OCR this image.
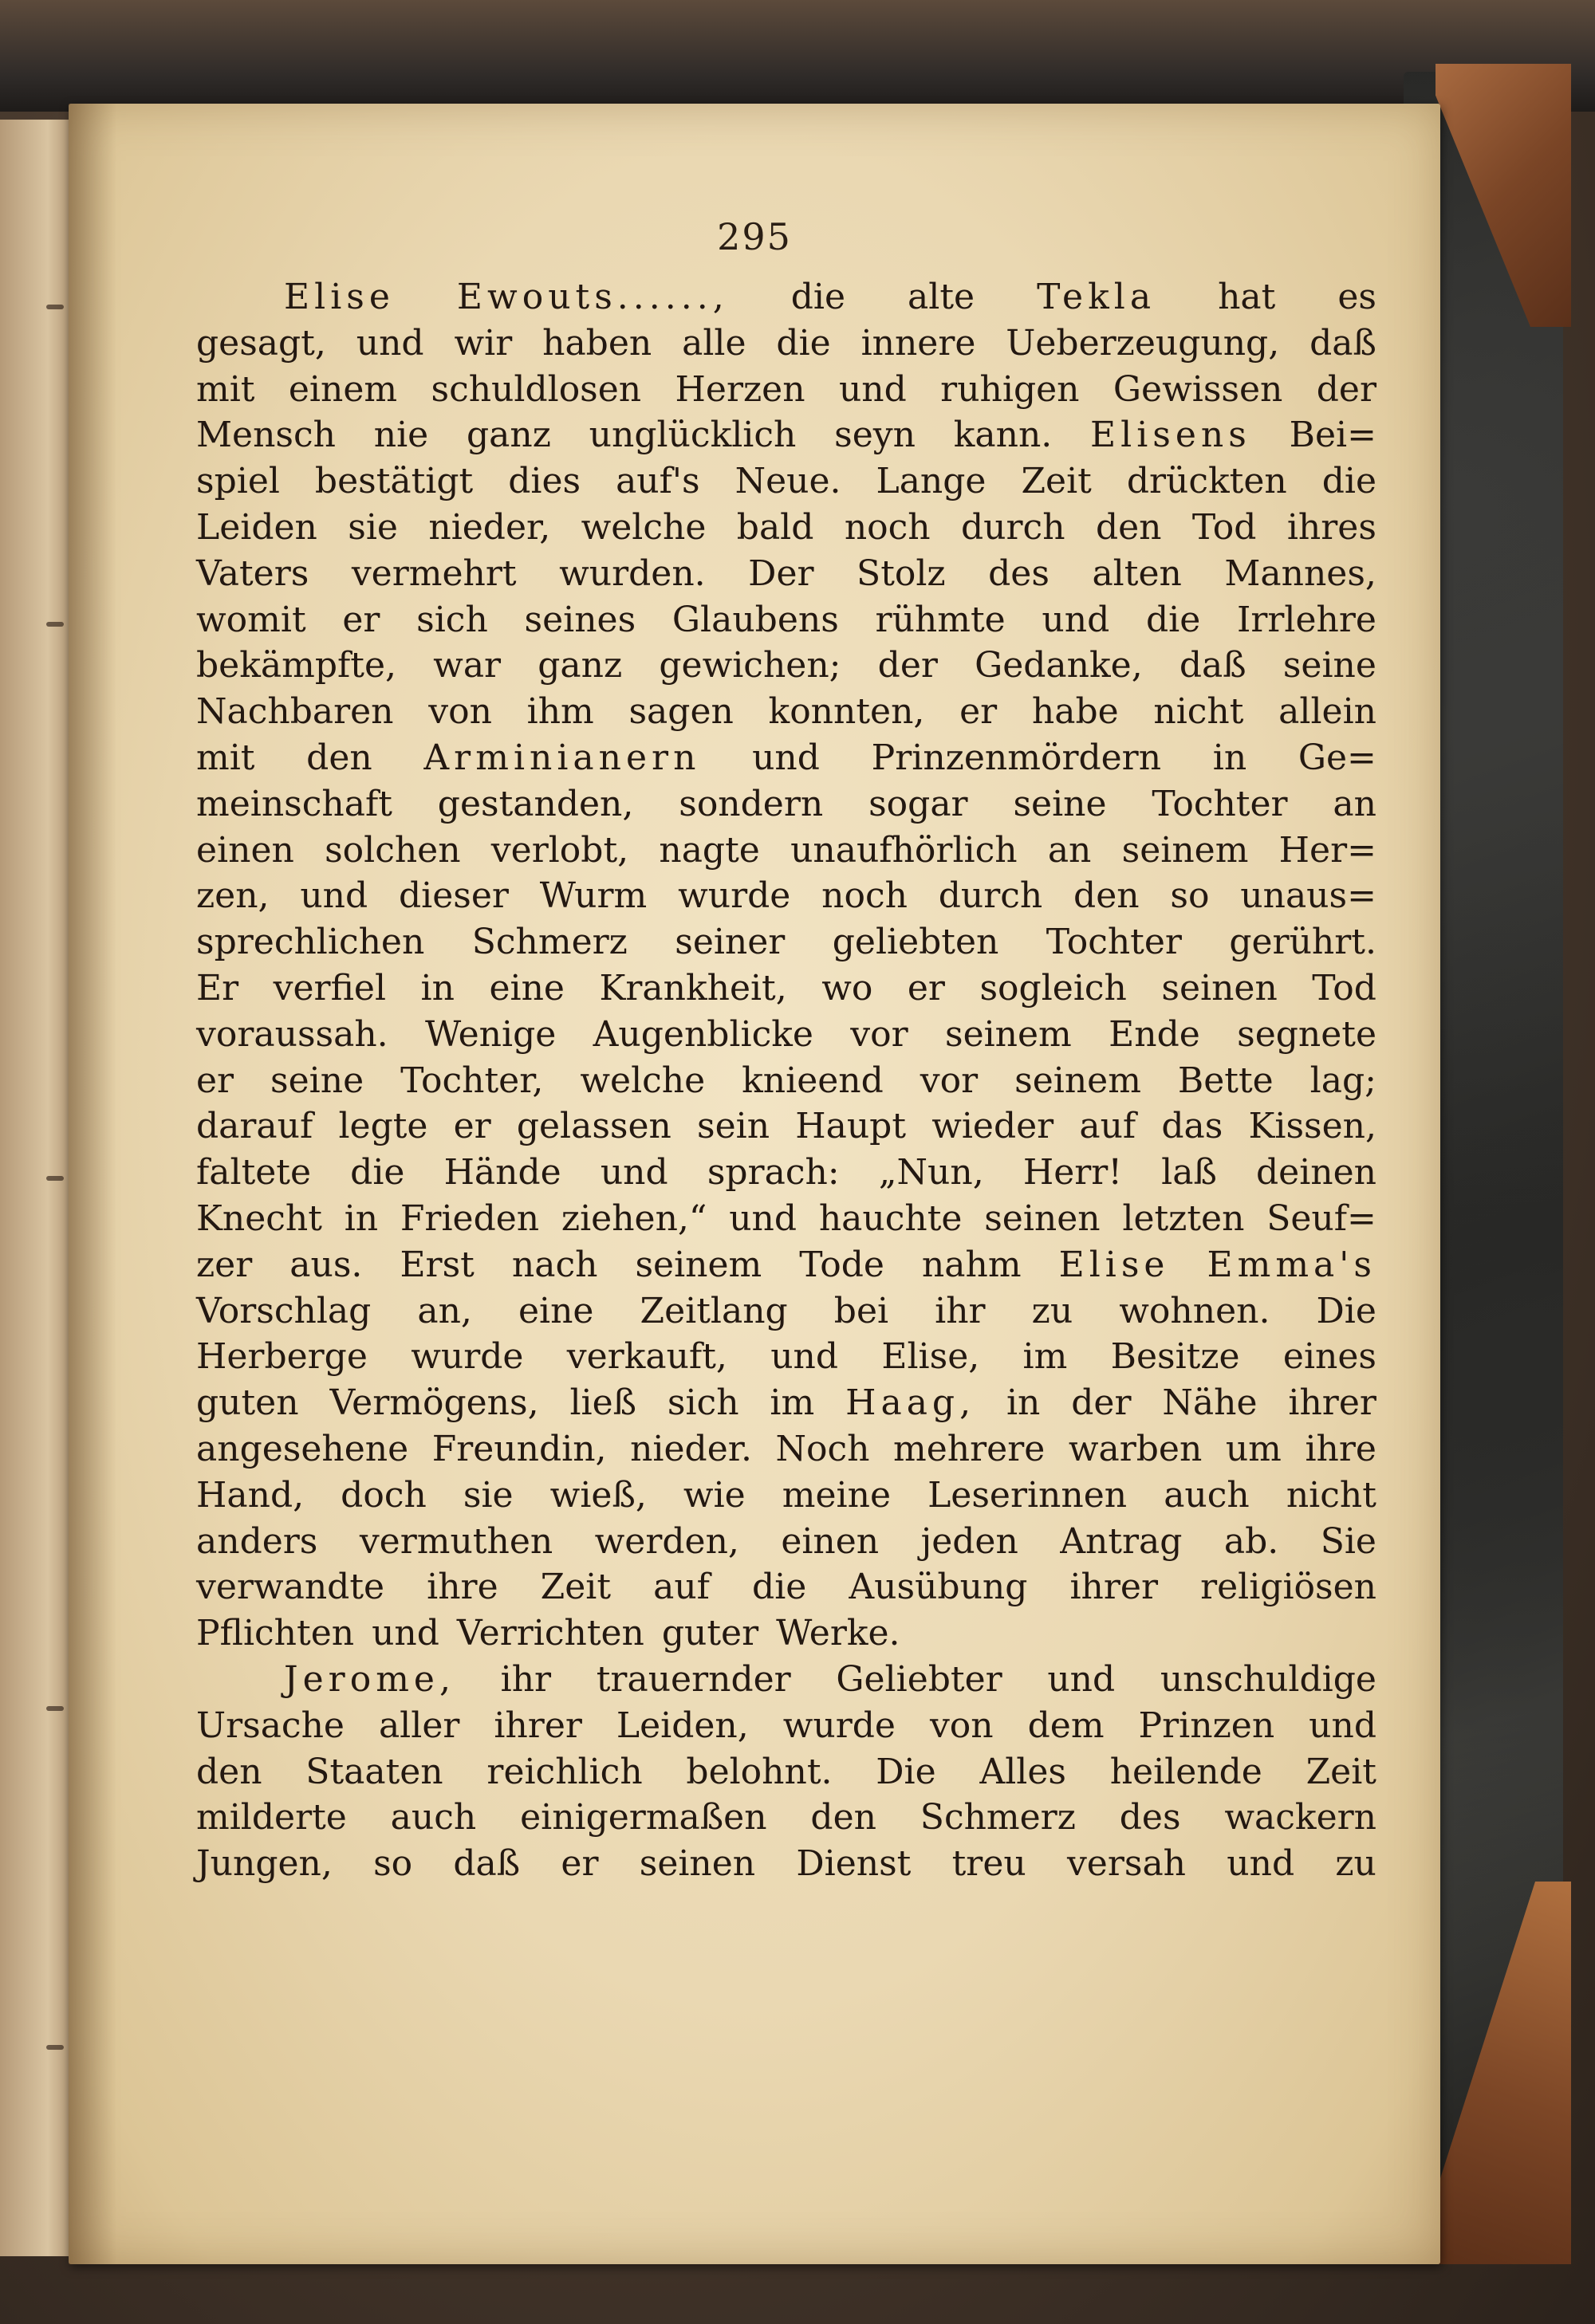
295
Elise Ewouts......, die alte Tekla hat es
gesagt, und wir haben alle die innere Ueberzeugung, daß
mit einem schuldlosen Herzen und ruhigen Gewissen der
Mensch nie ganz unglücklich seyn kann. Elisens Bei=
spiel bestätigt dies auf's Neue. Lange Zeit drückten die
Leiden sie nieder, welche bald noch durch den Tod ihres
Vaters vermehrt wurden. Der Stolz des alten Mannes,
womit er sich seines Glaubens rühmte und die Irrlehre
bekämpfte, war ganz gewichen; der Gedanke, daß seine
Nachbaren von ihm sagen konnten, er habe nicht allein
mit den Arminianern und Prinzenmördern in Ge=
meinschaft gestanden, sondern sogar seine Tochter an
einen solchen verlobt, nagte unaufhörlich an seinem Her=
zen, und dieser Wurm wurde noch durch den so unaus=
sprechlichen Schmerz seiner geliebten Tochter gerührt.
Er verfiel in eine Krankheit, wo er sogleich seinen Tod
voraussah. Wenige Augenblicke vor seinem Ende segnete
er seine Tochter, welche knieend vor seinem Bette lag;
darauf legte er gelassen sein Haupt wieder auf das Kissen,
faltete die Hände und sprach: „Nun, Herr! laß deinen
Knecht in Frieden ziehen,“ und hauchte seinen letzten Seuf=
zer aus. Erst nach seinem Tode nahm Elise Emma's
Vorschlag an, eine Zeitlang bei ihr zu wohnen. Die
Herberge wurde verkauft, und Elise, im Besitze eines
guten Vermögens, ließ sich im Haag, in der Nähe ihrer
angesehene Freundin, nieder. Noch mehrere warben um ihre
Hand, doch sie wieß, wie meine Leserinnen auch nicht
anders vermuthen werden, einen jeden Antrag ab. Sie
verwandte ihre Zeit auf die Ausübung ihrer religiösen
Pflichten und Verrichten guter Werke.
Jerome, ihr trauernder Geliebter und unschuldige
Ursache aller ihrer Leiden, wurde von dem Prinzen und
den Staaten reichlich belohnt. Die Alles heilende Zeit
milderte auch einigermaßen den Schmerz des wackern
Jungen, so daß er seinen Dienst treu versah und zu
